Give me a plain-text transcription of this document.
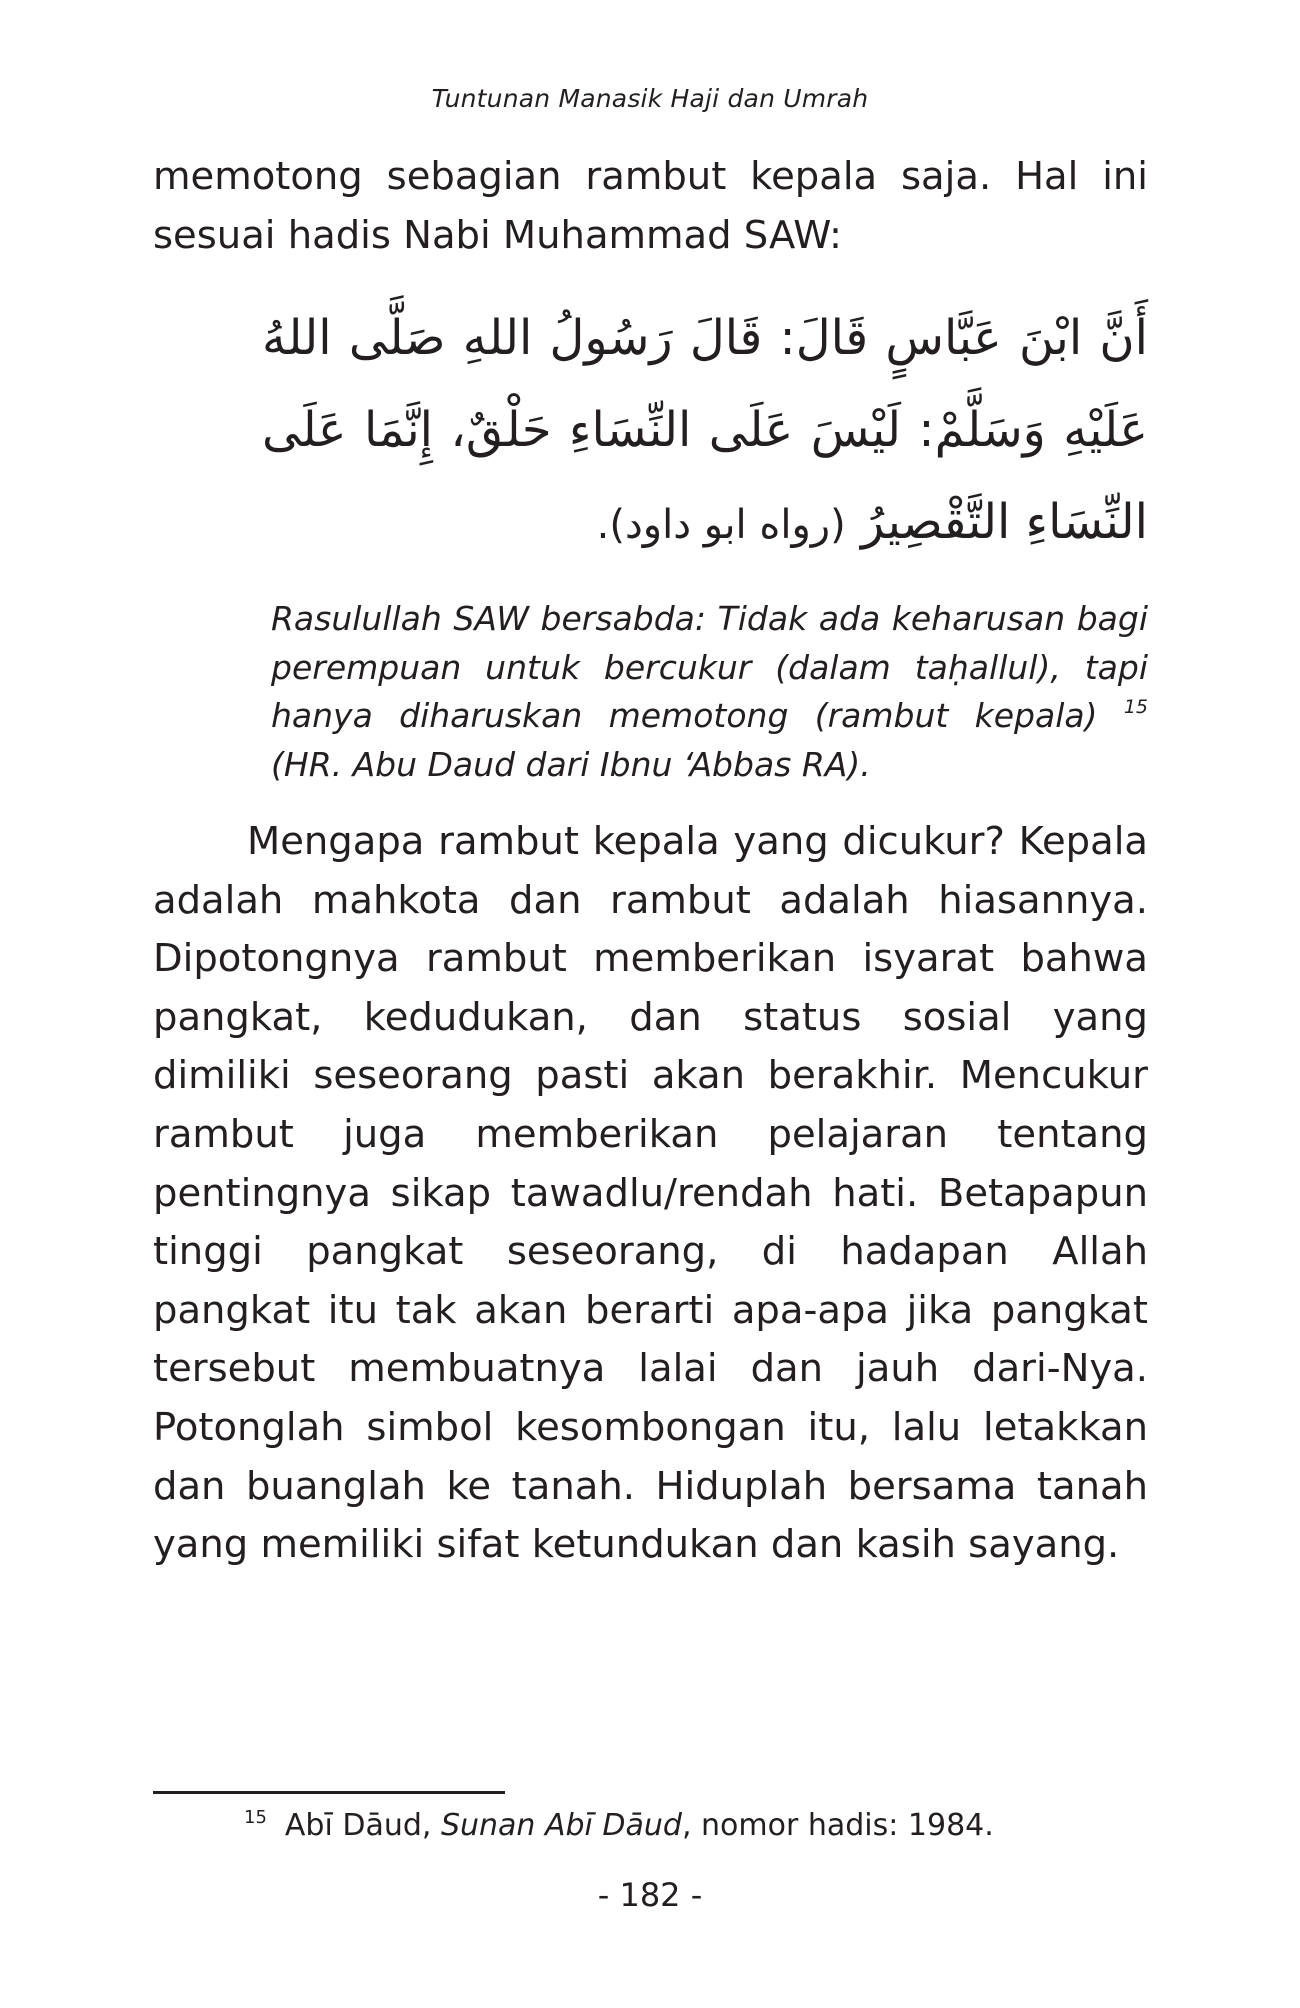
Tuntunan Manasik Haji dan Umrah

memotong sebagian rambut kepala saja. Hal ini sesuai hadis Nabi Muhammad SAW:

أَنَّ ابْنَ عَبَّاسٍ قَالَ: قَالَ رَسُولُ اللهِ صَلَّى اللهُ عَلَيْهِ وَسَلَّمْ: لَيْسَ عَلَى النِّسَاءِ حَلْقٌ، إِنَّمَا عَلَى النِّسَاءِ التَّقْصِيرُ (رواه ابو داود).

Rasulullah SAW bersabda: Tidak ada keharusan bagi perempuan untuk bercukur (dalam taḥallul), tapi hanya diharuskan memotong (rambut kepala) $^{15}$ (HR. Abu Daud dari Ibnu ‘Abbas RA).

Mengapa rambut kepala yang dicukur? Kepala adalah mahkota dan rambut adalah hiasannya. Dipotongnya rambut memberikan isyarat bahwa pangkat, kedudukan, dan status sosial yang dimiliki seseorang pasti akan berakhir. Mencukur rambut juga memberikan pelajaran tentang pentingnya sikap tawadlu/rendah hati. Betapapun tinggi pangkat seseorang, di hadapan Allah pangkat itu tak akan berarti apa-apa jika pangkat tersebut membuatnya lalai dan jauh dari-Nya. Potonglah simbol kesombongan itu, lalu letakkan dan buanglah ke tanah. Hiduplah bersama tanah yang memiliki sifat ketundukan dan kasih sayang.

$^{15}$ Abī Dāud, Sunan Abī Dāud, nomor hadis: 1984.
- 182 -
